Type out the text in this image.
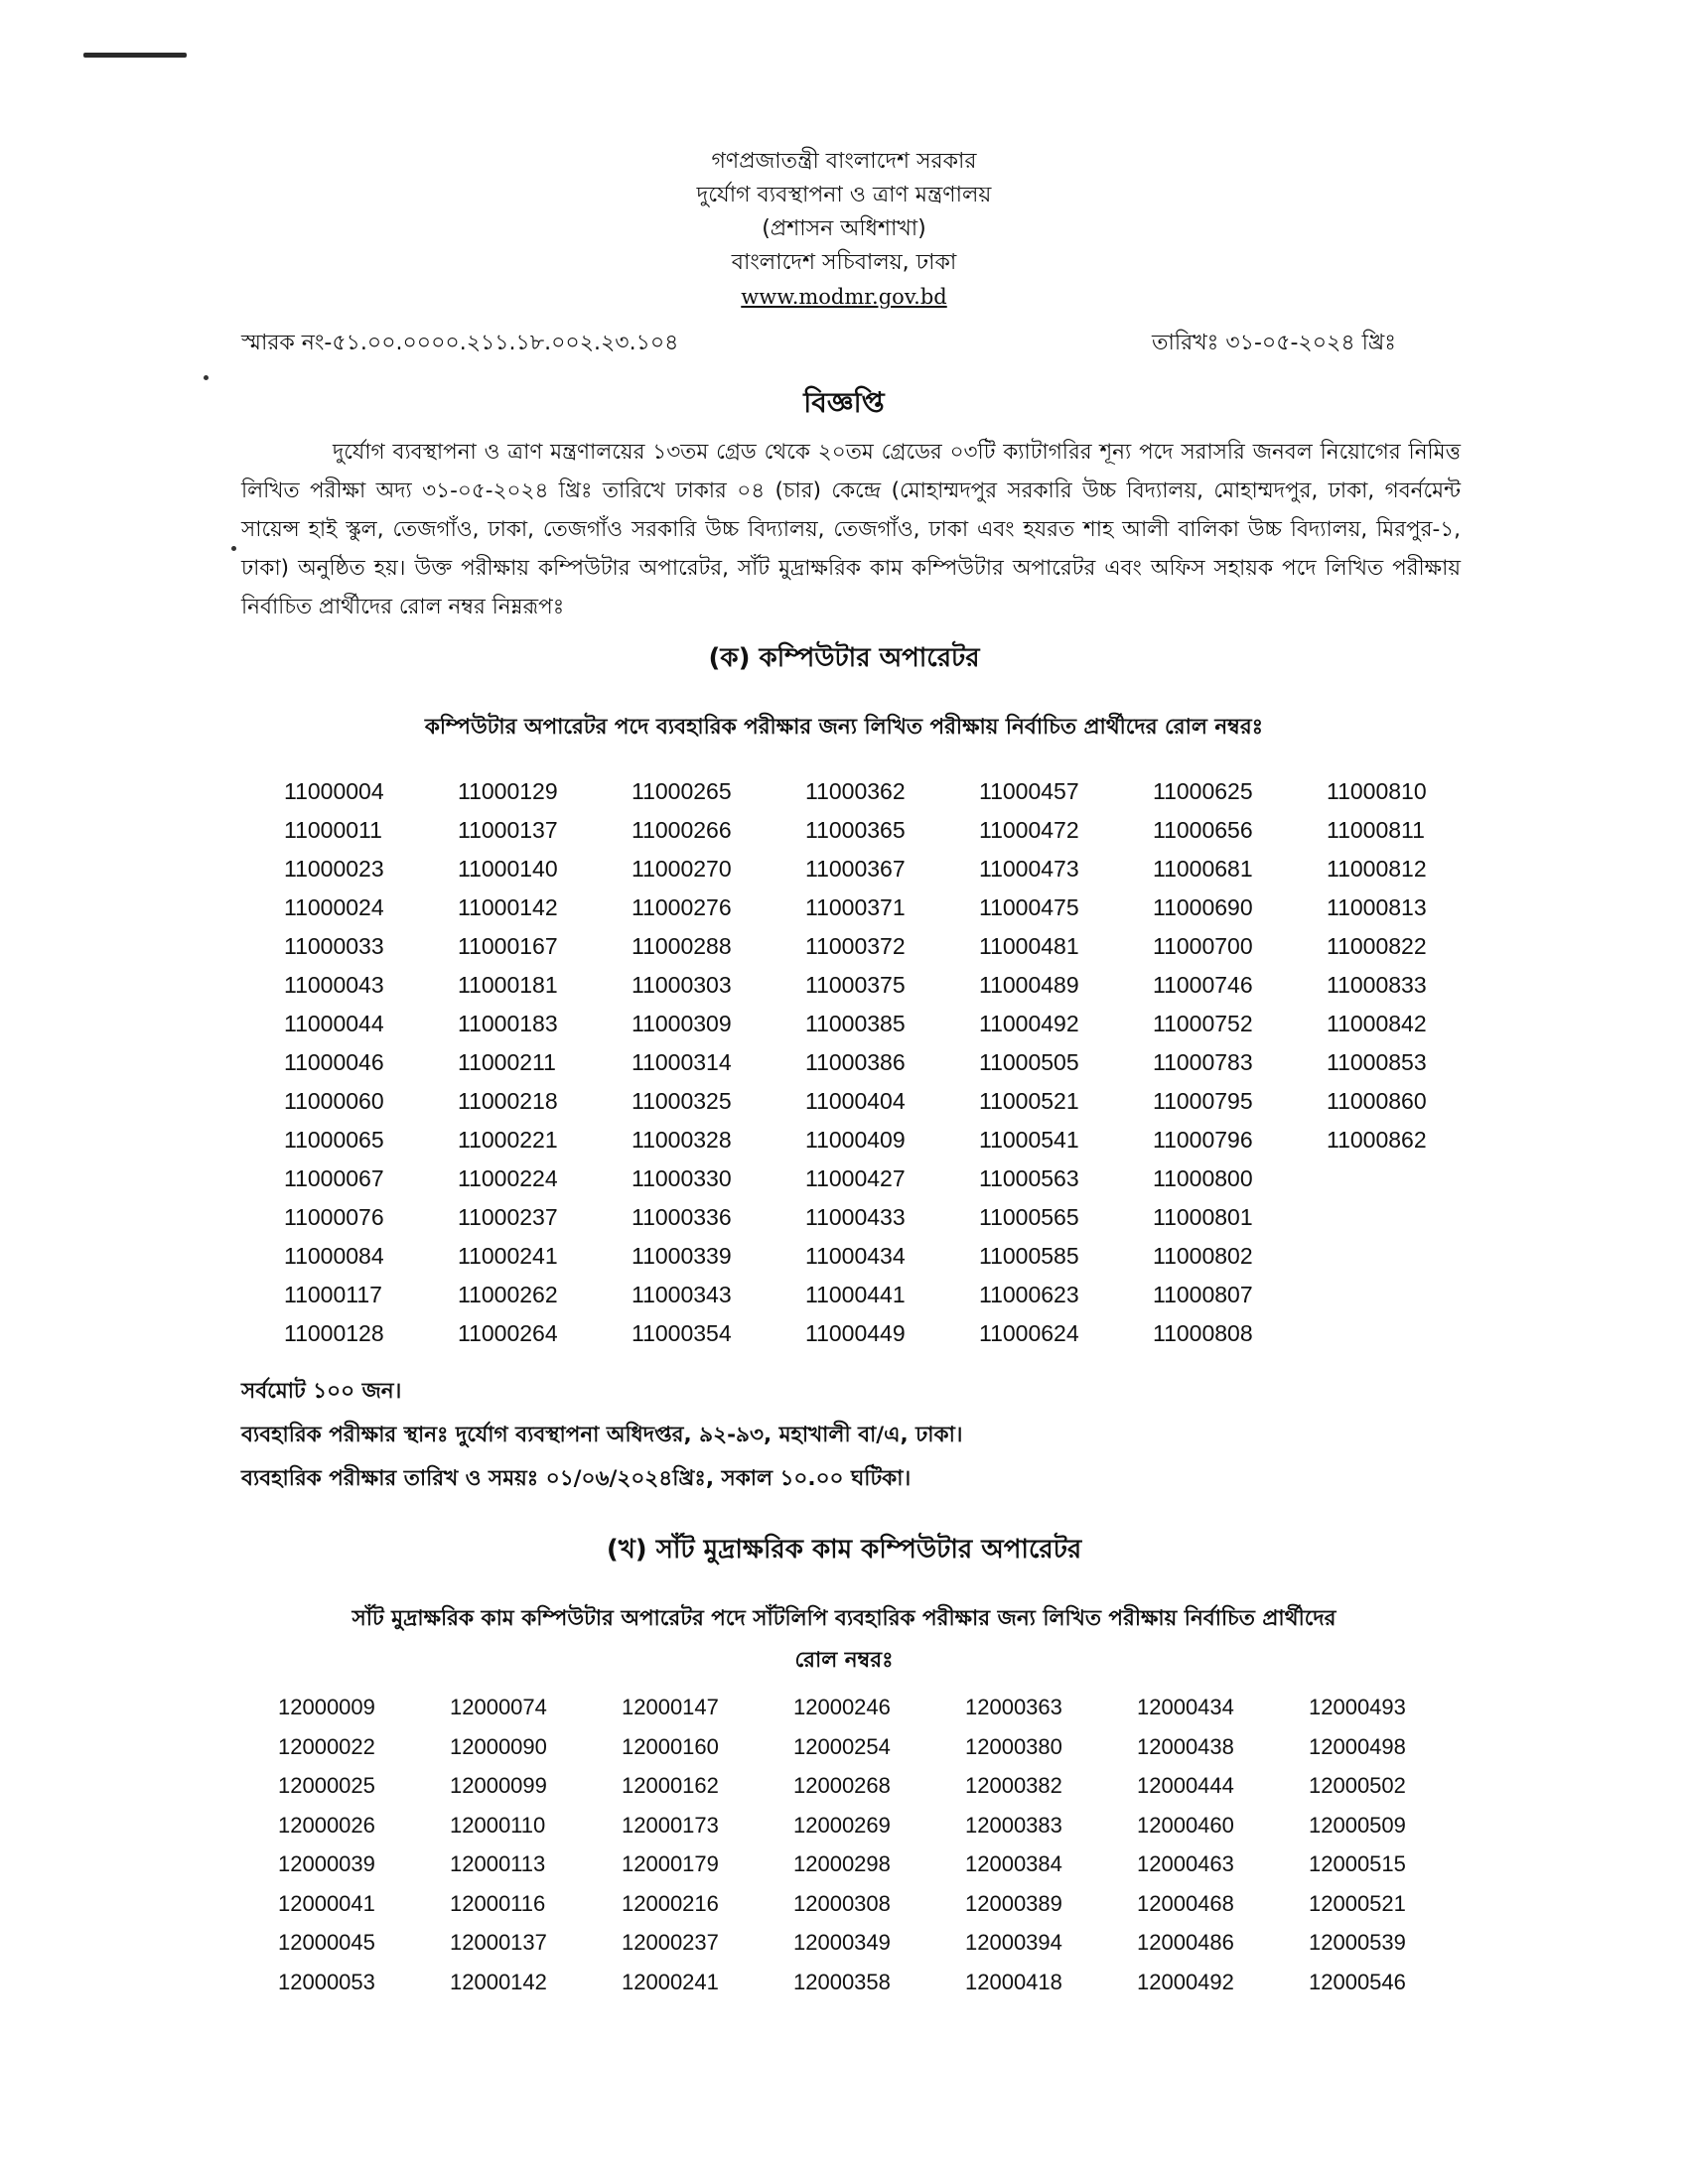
গণপ্রজাতন্ত্রী বাংলাদেশ সরকার
দুর্যোগ ব্যবস্থাপনা ও ত্রাণ মন্ত্রণালয়
(প্রশাসন অধিশাখা)
বাংলাদেশ সচিবালয়, ঢাকা
www.modmr.gov.bd
স্মারক নং-৫১.০০.০০০০.২১১.১৮.০০২.২৩.১০৪	তারিখঃ ৩১-০৫-২০২৪ খ্রিঃ
বিজ্ঞপ্তি
দুর্যোগ ব্যবস্থাপনা ও ত্রাণ মন্ত্রণালয়ের ১৩তম গ্রেড থেকে ২০তম গ্রেডের ০৩টি ক্যাটাগরির শূন্য পদে সরাসরি জনবল নিয়োগের নিমিত্ত লিখিত পরীক্ষা অদ্য ৩১-০৫-২০২৪ খ্রিঃ তারিখে ঢাকার ০৪ (চার) কেন্দ্রে (মোহাম্মদপুর সরকারি উচ্চ বিদ্যালয়, মোহাম্মদপুর, ঢাকা, গবর্নমেন্ট সায়েন্স হাই স্কুল, তেজগাঁও, ঢাকা, তেজগাঁও সরকারি উচ্চ বিদ্যালয়, তেজগাঁও, ঢাকা এবং হযরত শাহ আলী বালিকা উচ্চ বিদ্যালয়, মিরপুর-১, ঢাকা) অনুষ্ঠিত হয়। উক্ত পরীক্ষায় কম্পিউটার অপারেটর, সাঁট মুদ্রাক্ষরিক কাম কম্পিউটার অপারেটর এবং অফিস সহায়ক পদে লিখিত পরীক্ষায় নির্বাচিত প্রার্থীদের রোল নম্বর নিম্নরূপঃ
(ক) কম্পিউটার অপারেটর
কম্পিউটার অপারেটর পদে ব্যবহারিক পরীক্ষার জন্য লিখিত পরীক্ষায় নির্বাচিত প্রার্থীদের রোল নম্বরঃ
11000004
11000011
11000023
11000024
11000033
11000043
11000044
11000046
11000060
11000065
11000067
11000076
11000084
11000117
11000128
11000129
11000137
11000140
11000142
11000167
11000181
11000183
11000211
11000218
11000221
11000224
11000237
11000241
11000262
11000264
11000265
11000266
11000270
11000276
11000288
11000303
11000309
11000314
11000325
11000328
11000330
11000336
11000339
11000343
11000354
11000362
11000365
11000367
11000371
11000372
11000375
11000385
11000386
11000404
11000409
11000427
11000433
11000434
11000441
11000449
11000457
11000472
11000473
11000475
11000481
11000489
11000492
11000505
11000521
11000541
11000563
11000565
11000585
11000623
11000624
11000625
11000656
11000681
11000690
11000700
11000746
11000752
11000783
11000795
11000796
11000800
11000801
11000802
11000807
11000808
11000810
11000811
11000812
11000813
11000822
11000833
11000842
11000853
11000860
11000862
সর্বমোট ১০০ জন।
ব্যবহারিক পরীক্ষার স্থানঃ দুর্যোগ ব্যবস্থাপনা অধিদপ্তর, ৯২-৯৩, মহাখালী বা/এ, ঢাকা।
ব্যবহারিক পরীক্ষার তারিখ ও সময়ঃ ০১/০৬/২০২৪খ্রিঃ, সকাল ১০.০০ ঘটিকা।
(খ) সাঁট মুদ্রাক্ষরিক কাম কম্পিউটার অপারেটর
সাঁট মুদ্রাক্ষরিক কাম কম্পিউটার অপারেটর পদে সাঁটলিপি ব্যবহারিক পরীক্ষার জন্য লিখিত পরীক্ষায় নির্বাচিত প্রার্থীদের
রোল নম্বরঃ
12000009
12000022
12000025
12000026
12000039
12000041
12000045
12000053
12000074
12000090
12000099
12000110
12000113
12000116
12000137
12000142
12000147
12000160
12000162
12000173
12000179
12000216
12000237
12000241
12000246
12000254
12000268
12000269
12000298
12000308
12000349
12000358
12000363
12000380
12000382
12000383
12000384
12000389
12000394
12000418
12000434
12000438
12000444
12000460
12000463
12000468
12000486
12000492
12000493
12000498
12000502
12000509
12000515
12000521
12000539
12000546
